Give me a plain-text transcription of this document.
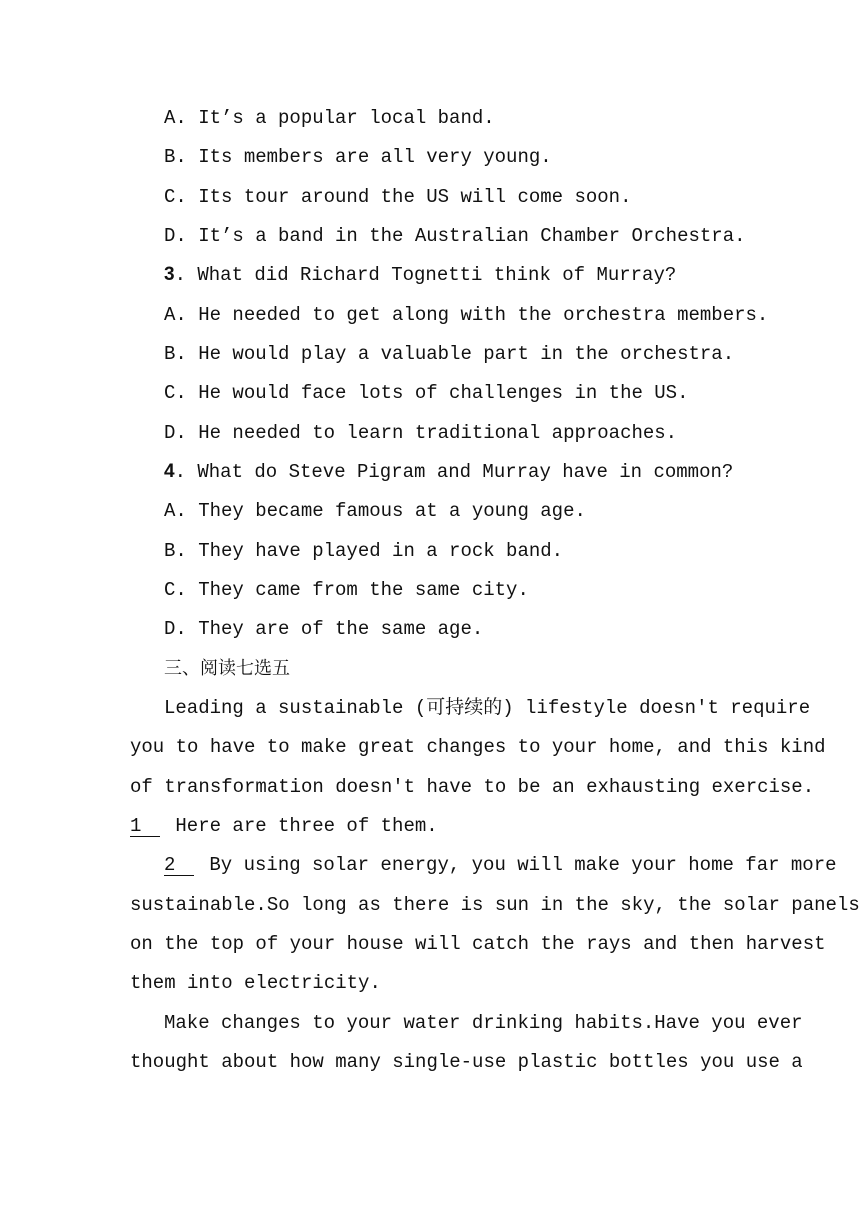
A. It’s a popular local band.
B. Its members are all very young.
C. Its tour around the US will come soon.
D. It’s a band in the Australian Chamber Orchestra.
3. What did Richard Tognetti think of Murray?
A. He needed to get along with the orchestra members.
B. He would play a valuable part in the orchestra.
C. He would face lots of challenges in the US.
D. He needed to learn traditional approaches.
4. What do Steve Pigram and Murray have in common?
A. They became famous at a young age.
B. They have played in a rock band.
C. They came from the same city.
D. They are of the same age.
三、阅读七选五
Leading a sustainable (可持续的) lifestyle doesn't require
you to have to make great changes to your home, and this kind
of transformation doesn't have to be an exhausting exercise.
1 Here are three of them.
2 By using solar energy, you will make your home far more
sustainable.So long as there is sun in the sky, the solar panels
on the top of your house will catch the rays and then harvest
them into electricity.
Make changes to your water drinking habits.Have you ever
thought about how many single-use plastic bottles you use a
